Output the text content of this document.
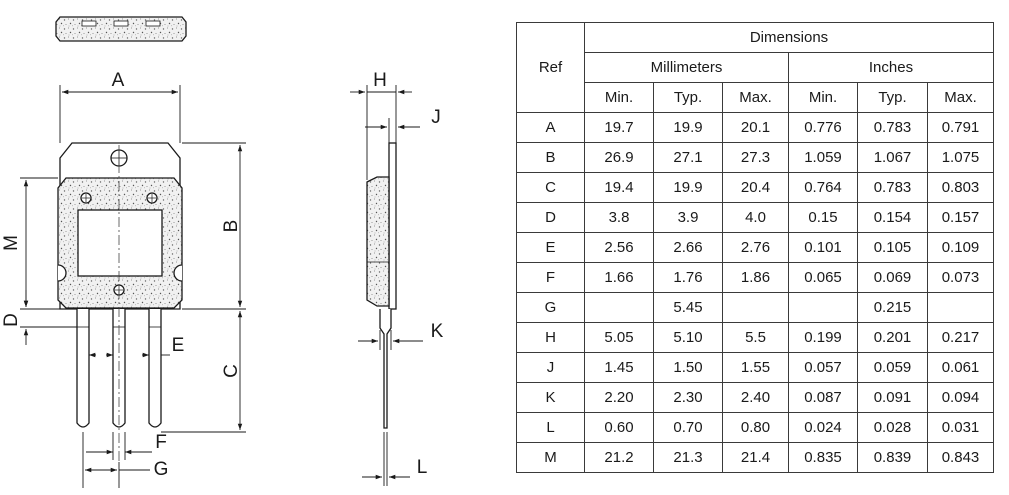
A
B
C
M
D
E
F
G
H
J
K
L
Ref	Dimensions					
	Millimeters			Inches		
	Min.	Typ.	Max.	Min.	Typ.	Max.
A	19.7	19.9	20.1	0.776	0.783	0.791
B	26.9	27.1	27.3	1.059	1.067	1.075
C	19.4	19.9	20.4	0.764	0.783	0.803
D	3.8	3.9	4.0	0.15	0.154	0.157
E	2.56	2.66	2.76	0.101	0.105	0.109
F	1.66	1.76	1.86	0.065	0.069	0.073
G		5.45			0.215	
H	5.05	5.10	5.5	0.199	0.201	0.217
J	1.45	1.50	1.55	0.057	0.059	0.061
K	2.20	2.30	2.40	0.087	0.091	0.094
L	0.60	0.70	0.80	0.024	0.028	0.031
M	21.2	21.3	21.4	0.835	0.839	0.843
